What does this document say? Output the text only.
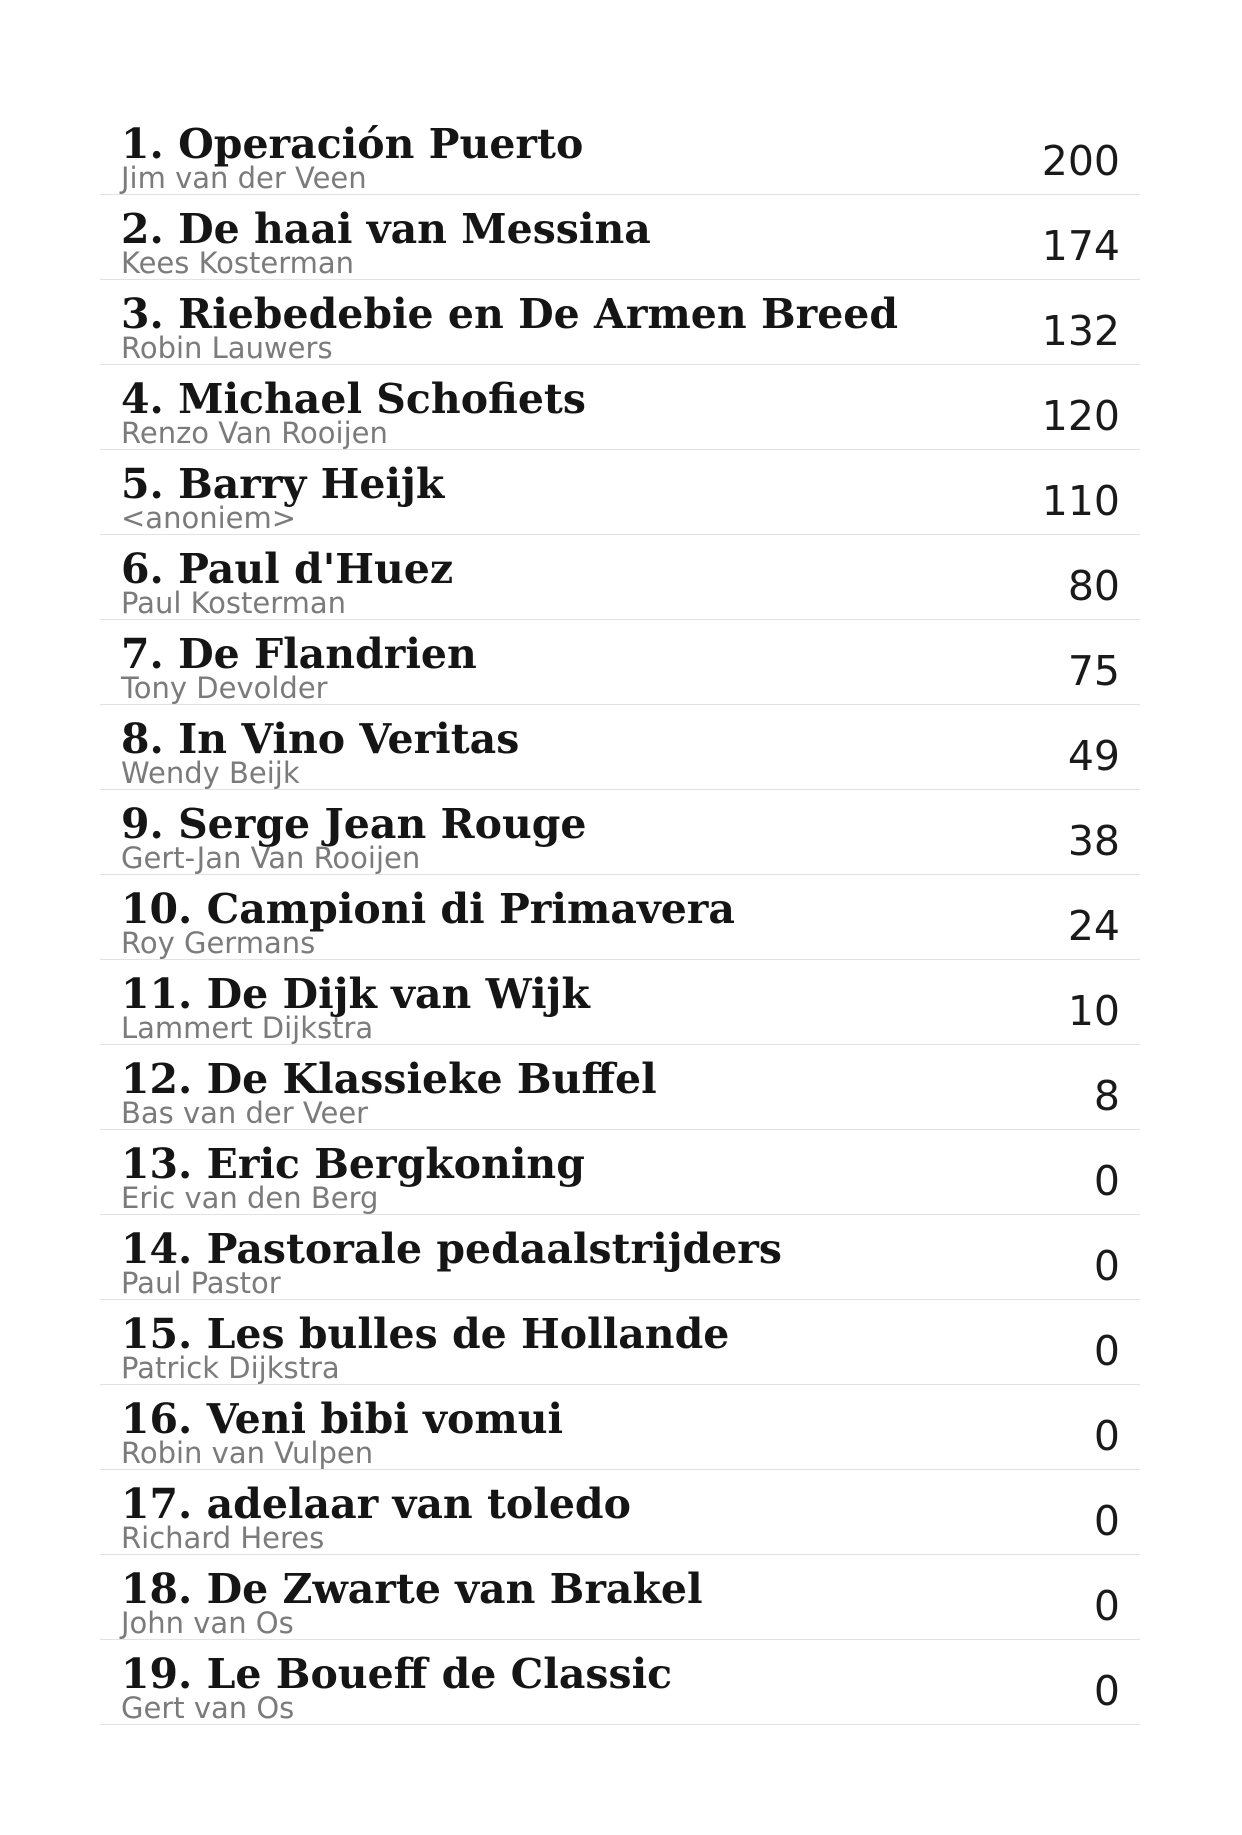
1. Operación Puerto
Jim van der Veen	200
2. De haai van Messina
Kees Kosterman	174
3. Riebedebie en De Armen Breed
Robin Lauwers	132
4. Michael Schofiets
Renzo Van Rooijen	120
5. Barry Heijk
<anoniem>	110
6. Paul d'Huez
Paul Kosterman	80
7. De Flandrien
Tony Devolder	75
8. In Vino Veritas
Wendy Beijk	49
9. Serge Jean Rouge
Gert-Jan Van Rooijen	38
10. Campioni di Primavera
Roy Germans	24
11. De Dijk van Wijk
Lammert Dijkstra	10
12. De Klassieke Buffel
Bas van der Veer	8
13. Eric Bergkoning
Eric van den Berg	0
14. Pastorale pedaalstrijders
Paul Pastor	0
15. Les bulles de Hollande
Patrick Dijkstra	0
16. Veni bibi vomui
Robin van Vulpen	0
17. adelaar van toledo
Richard Heres	0
18. De Zwarte van Brakel
John van Os	0
19. Le Boueff de Classic
Gert van Os	0
